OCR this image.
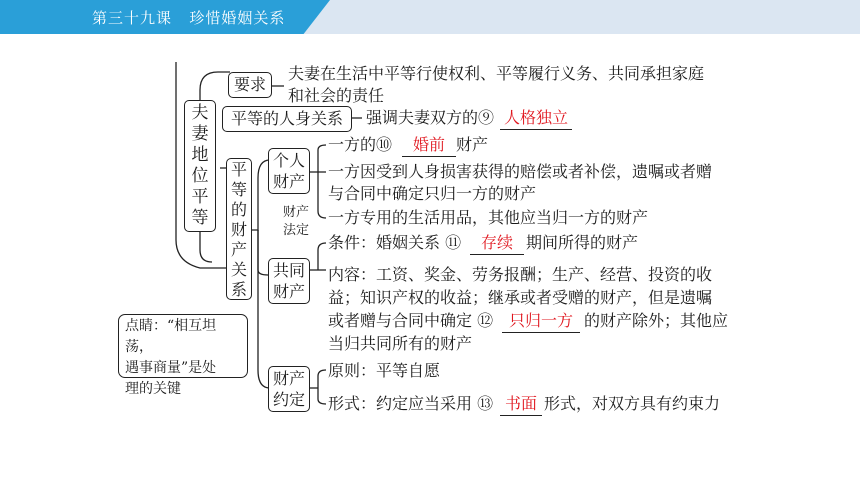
第三十九课 珍惜婚姻关系
夫
妻
地
位
平
等
要求
夫妻在生活中平等行使权利、平等履行义务、共同承担家庭
和社会的责任
平等的人身关系	强调夫妻双方的⑨ 人格独立
平
等
的
财
产
关
系
财产
法定
个人
财产
一方的⑩	婚前 财产
一方因受到人身损害获得的赔偿或者补偿，遗嘱或者赠
与合同中确定只归一方的财产
一方专用的生活用品，其他应当归一方的财产
共同
财产
条件：婚姻关系 ⑪	存续 期间所得的财产
内容：工资、奖金、劳务报酬；生产、经营、投资的收
益；知识产权的收益；继承或者受赠的财产，但是遗嘱
或者赠与合同中确定 ⑫ 只归一方 的财产除外；其他应
当归共同所有的财产
财产
约定
原则：平等自愿
形式：约定应当采用 ⑬ 书面 形式，对双方具有约束力
点睛：“相互坦荡，
遇事商量”是处
理的关键
